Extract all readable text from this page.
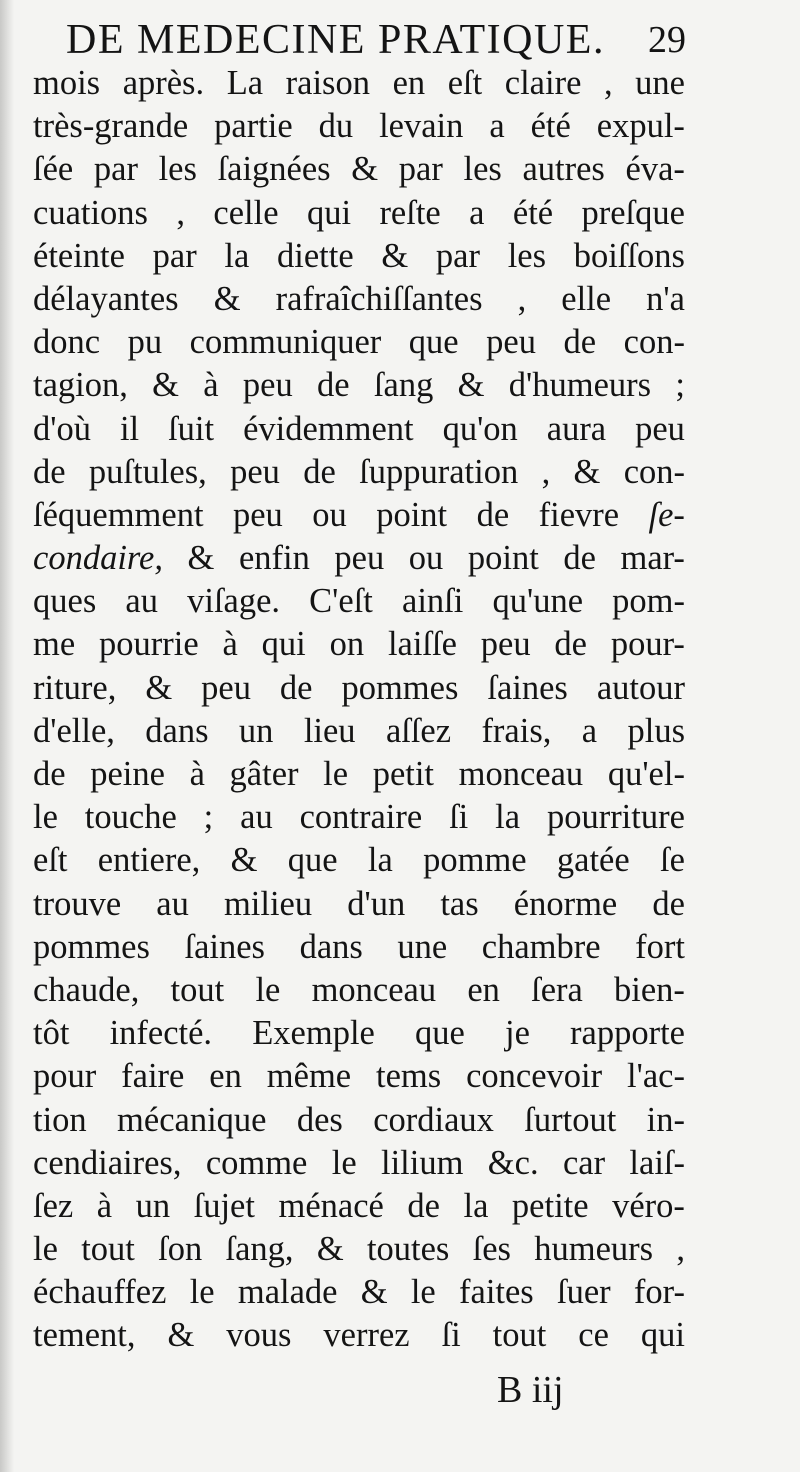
DE MEDECINE PRATIQUE. 29
mois après. La raison en eſt claire , une
très-grande partie du levain a été expul-
ſée par les ſaignées & par les autres éva-
cuations , celle qui reſte a été preſque
éteinte par la diette & par les boiſſons
délayantes & rafraîchiſſantes , elle n'a
donc pu communiquer que peu de con-
tagion, & à peu de ſang & d'humeurs ;
d'où il ſuit évidemment qu'on aura peu
de puſtules, peu de ſuppuration , & con-
ſéquemment peu ou point de fievre ſe-
condaire, & enfin peu ou point de mar-
ques au viſage. C'eſt ainſi qu'une pom-
me pourrie à qui on laiſſe peu de pour-
riture, & peu de pommes ſaines autour
d'elle, dans un lieu aſſez frais, a plus
de peine à gâter le petit monceau qu'el-
le touche ; au contraire ſi la pourriture
eſt entiere, & que la pomme gatée ſe
trouve au milieu d'un tas énorme de
pommes ſaines dans une chambre fort
chaude, tout le monceau en ſera bien-
tôt infecté. Exemple que je rapporte
pour faire en même tems concevoir l'ac-
tion mécanique des cordiaux ſurtout in-
cendiaires, comme le lilium &c. car laiſ-
ſez à un ſujet ménacé de la petite véro-
le tout ſon ſang, & toutes ſes humeurs ,
échauffez le malade & le faites ſuer for-
tement, & vous verrez ſi tout ce qui
B iij
